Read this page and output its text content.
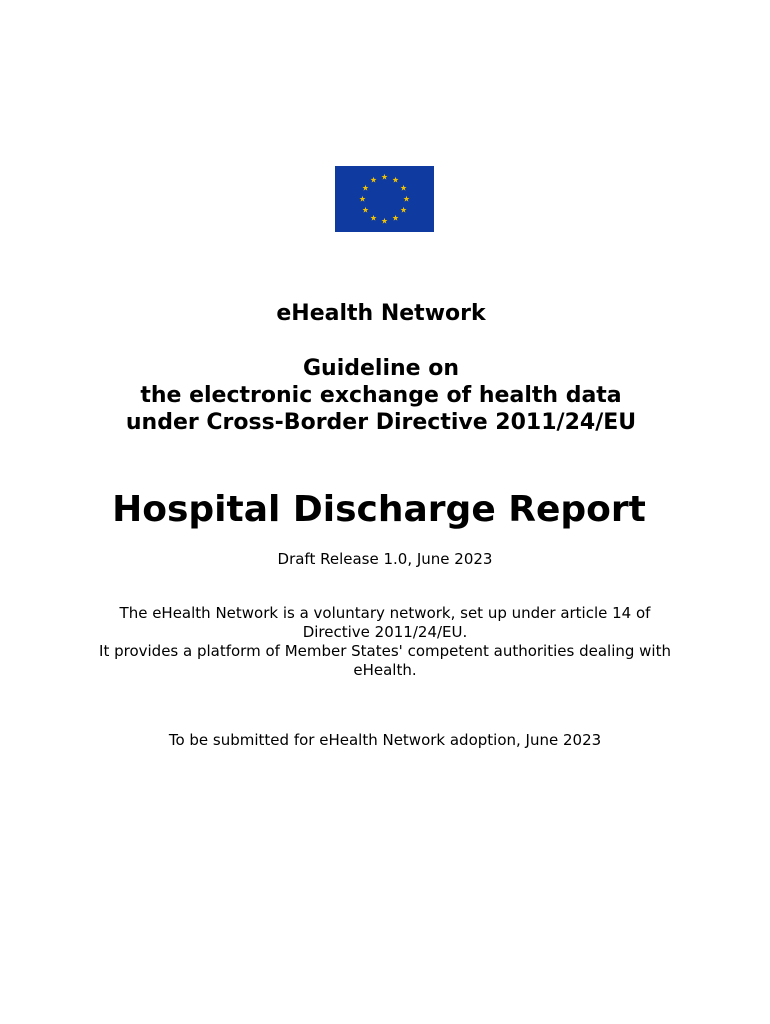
eHealth Network

Guideline on
the electronic exchange of health data
under Cross-Border Directive 2011/24/EU
Hospital Discharge Report

Draft Release 1.0, June 2023

The eHealth Network is a voluntary network, set up under article 14 of Directive 2011/24/EU.
It provides a platform of Member States' competent authorities dealing with eHealth.

To be submitted for eHealth Network adoption, June 2023
